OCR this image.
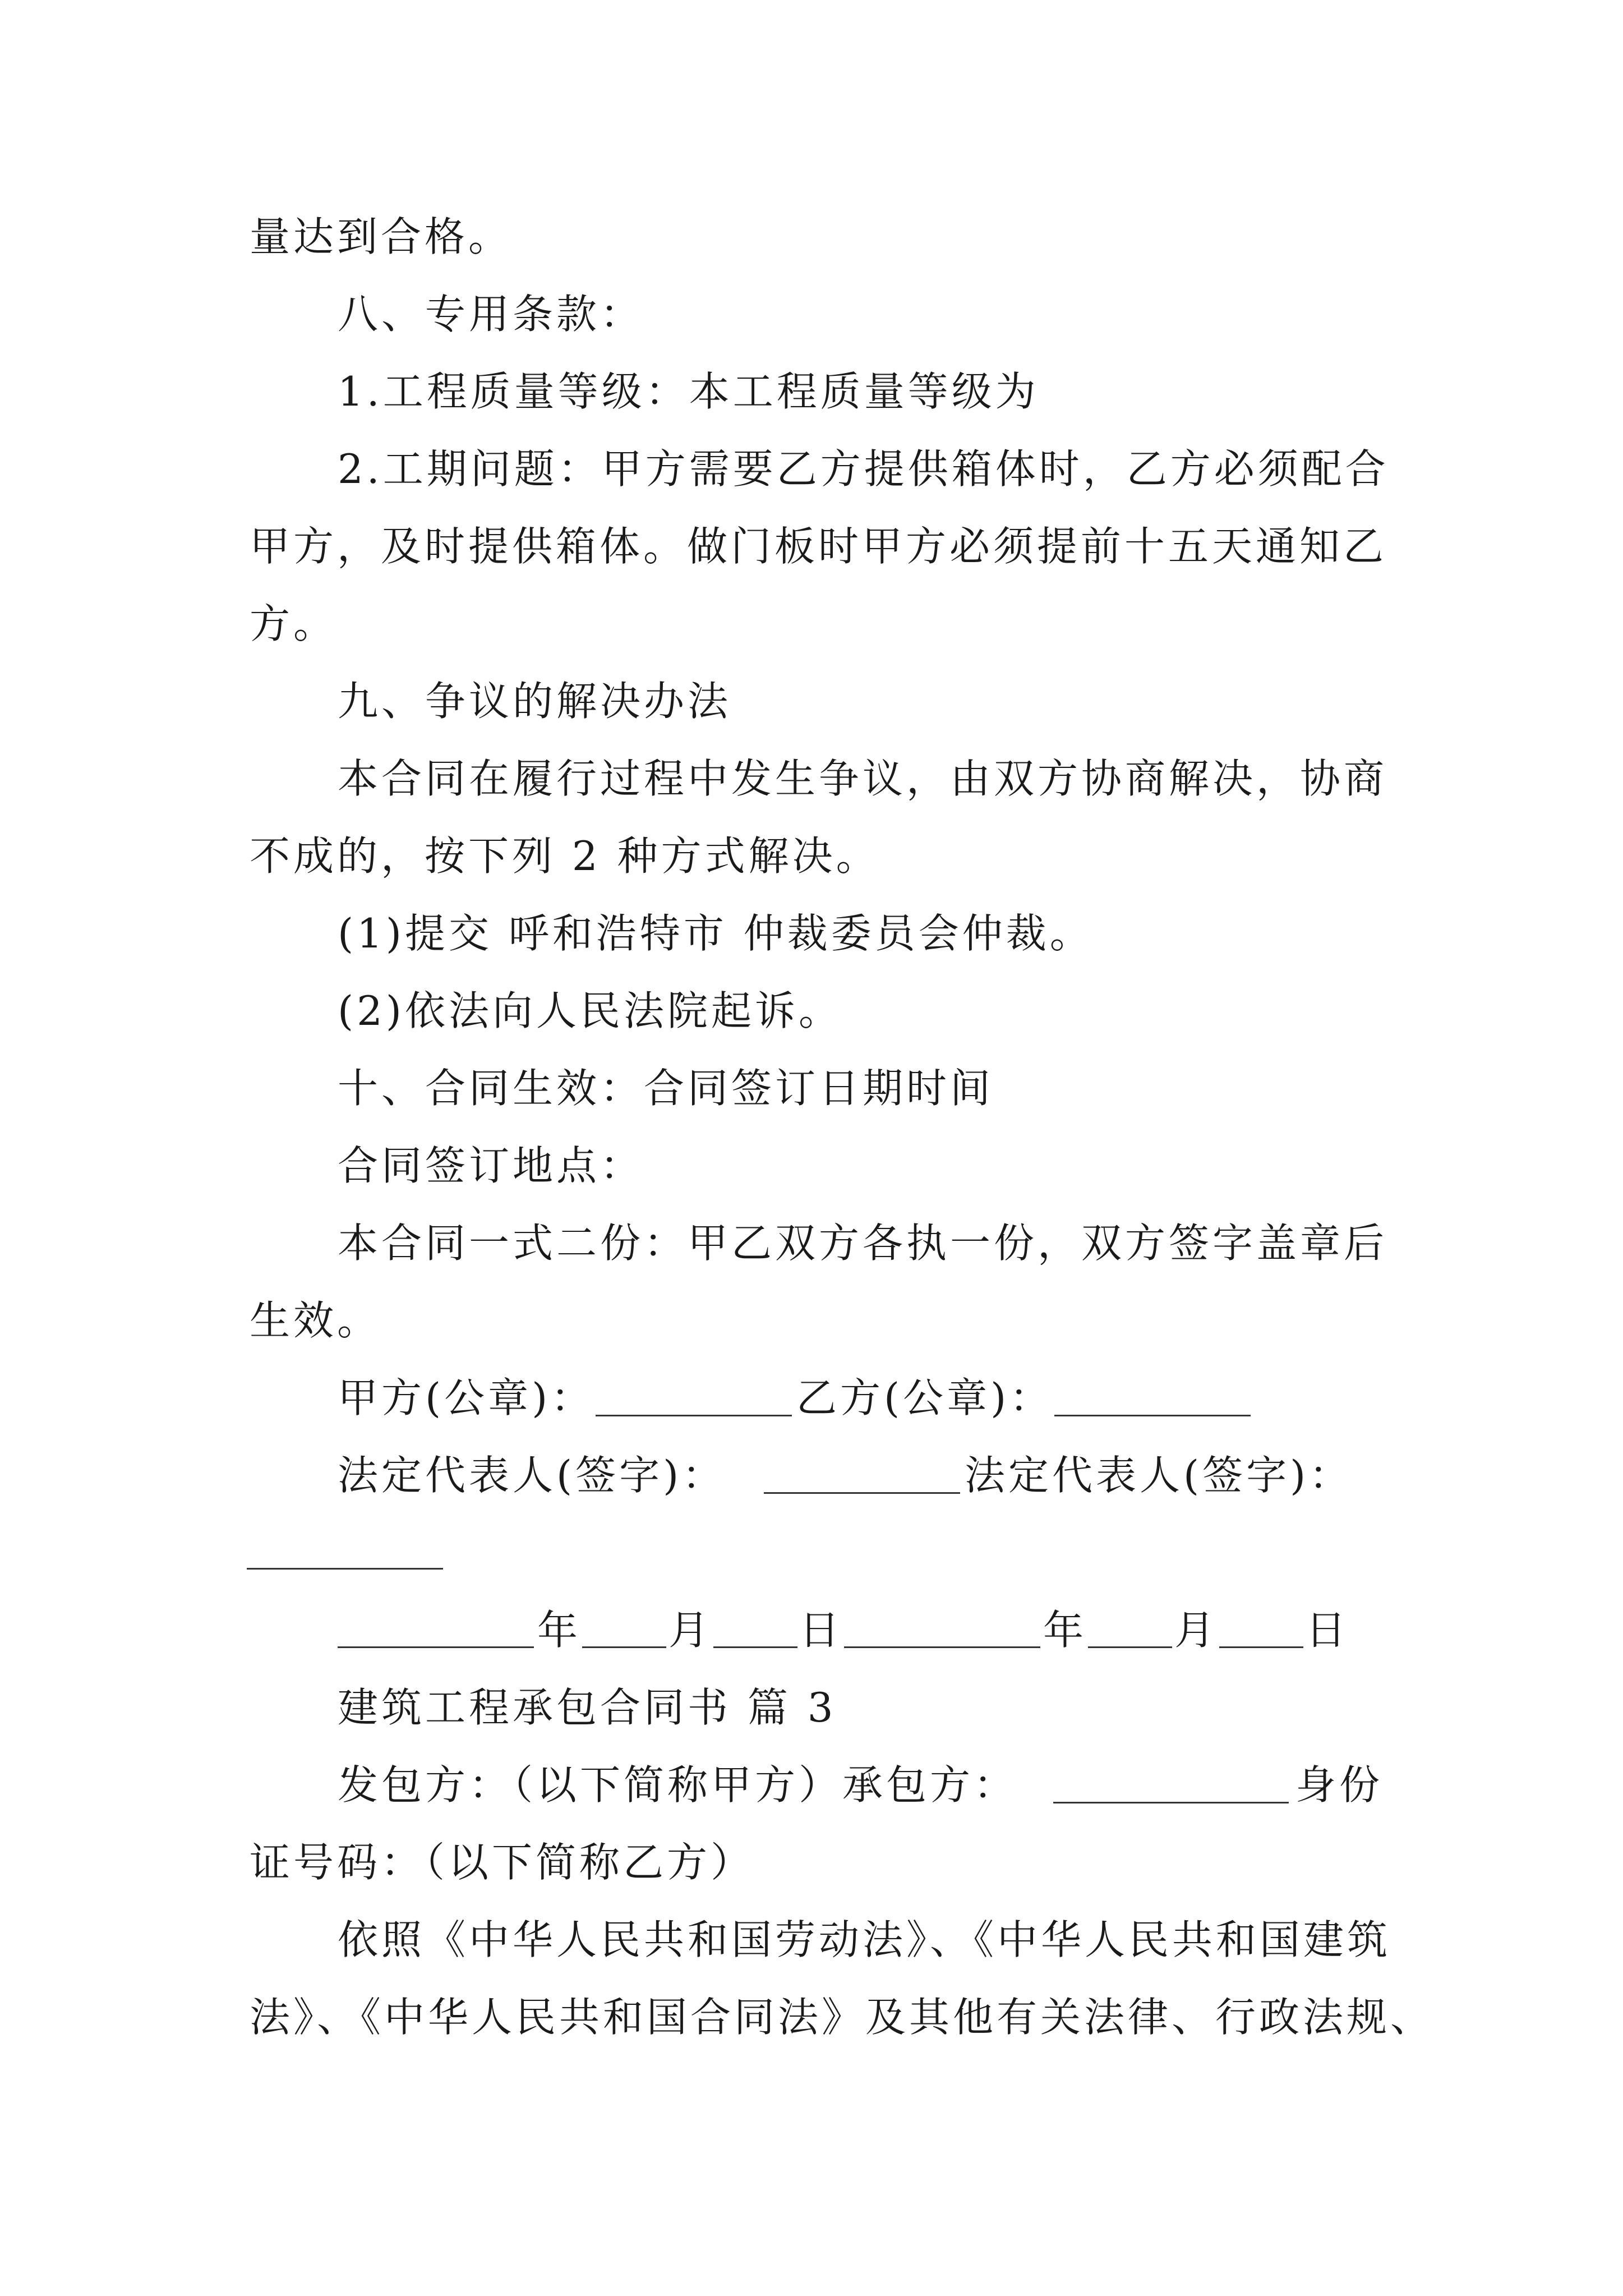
量达到合格。
八、专用条款：
1.工程质量等级：本工程质量等级为
2.工期问题：甲方需要乙方提供箱体时，乙方必须配合
甲方，及时提供箱体。做门板时甲方必须提前十五天通知乙
方。
九、争议的解决办法
本合同在履行过程中发生争议，由双方协商解决，协商
不成的，按下列 2 种方式解决。
(1)提交 呼和浩特市 仲裁委员会仲裁。
(2)依法向人民法院起诉。
十、合同生效：合同签订日期时间
合同签订地点：
本合同一式二份：甲乙双方各执一份，双方签字盖章后
生效。
甲方(公章)：	乙方(公章)：
法定代表人(签字)：	法定代表人(签字)：
年 月 日	年 月 日
建筑工程承包合同书 篇 3
发包方：（以下简称甲方）承包方：	身份
证号码：（以下简称乙方）
依照《中华人民共和国劳动法》、《中华人民共和国建筑
法》、《中华人民共和国合同法》及其他有关法律、行政法规、
